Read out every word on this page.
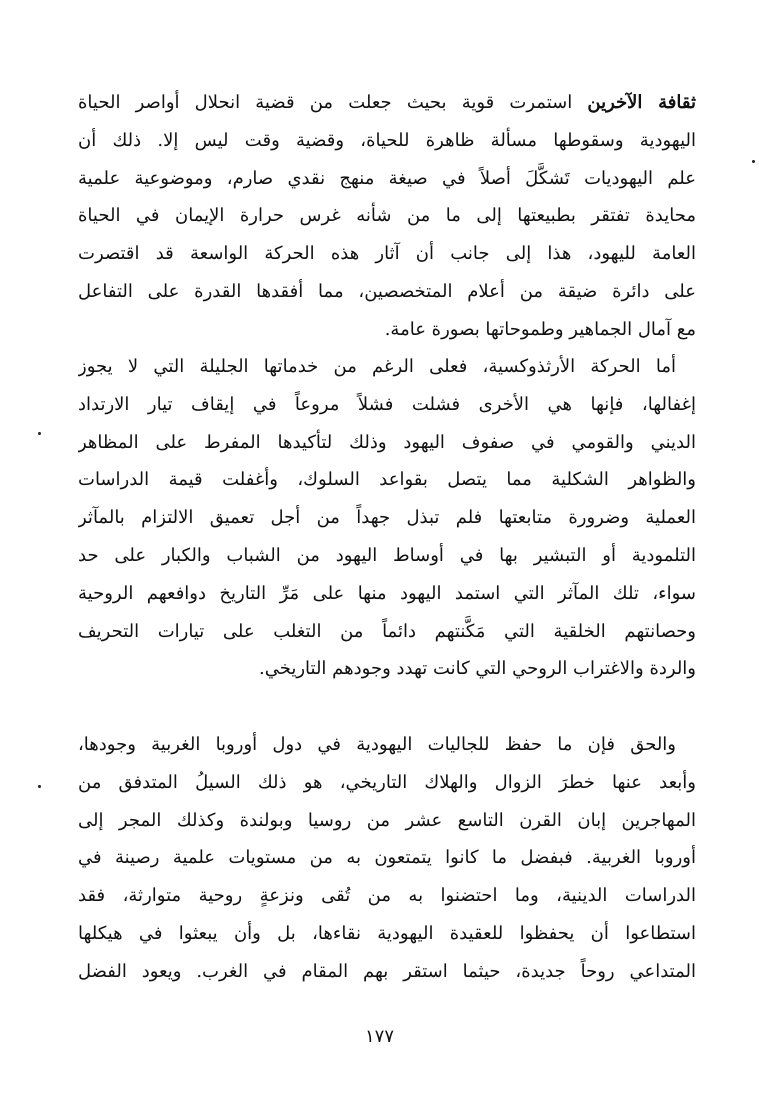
ثقافة الآخرين استمرت قوية بحيث جعلت من قضية انحلال أواصر الحياة
اليهودية وسقوطها مسألة ظاهرة للحياة، وقضية وقت ليس إلا. ذلك أن
علم اليهوديات تَشكَّلَ أصلاً في صيغة منهج نقدي صارم، وموضوعية علمية
محايدة تفتقر بطبيعتها إلى ما من شأنه غرس حرارة الإيمان في الحياة
العامة لليهود، هذا إلى جانب أن آثار هذه الحركة الواسعة قد اقتصرت
على دائرة ضيقة من أعلام المتخصصين، مما أفقدها القدرة على التفاعل
مع آمال الجماهير وطموحاتها بصورة عامة.
أما الحركة الأرثذوكسية، فعلى الرغم من خدماتها الجليلة التي لا يجوز
إغفالها، فإنها هي الأخرى فشلت فشلاً مروعاً في إيقاف تيار الارتداد
الديني والقومي في صفوف اليهود وذلك لتأكيدها المفرط على المظاهر
والظواهر الشكلية مما يتصل بقواعد السلوك، وأغفلت قيمة الدراسات
العملية وضرورة متابعتها فلم تبذل جهداً من أجل تعميق الالتزام بالمآثر
التلمودية أو التبشير بها في أوساط اليهود من الشباب والكبار على حد
سواء، تلك المآثر التي استمد اليهود منها على مَرِّ التاريخ دوافعهم الروحية
وحصانتهم الخلقية التي مَكَّنتهم دائماً من التغلب على تيارات التحريف
والردة والاغتراب الروحي التي كانت تهدد وجودهم التاريخي.
والحق فإن ما حفظ للجاليات اليهودية في دول أوروبا الغربية وجودها،
وأبعد عنها خطرَ الزوال والهلاك التاريخي، هو ذلك السيلُ المتدفق من
المهاجرين إبان القرن التاسع عشر من روسيا وبولندة وكذلك المجر إلى
أوروبا الغربية. فبفضل ما كانوا يتمتعون به من مستويات علمية رصينة في
الدراسات الدينية، وما احتضنوا به من تُقى ونزعةٍ روحية متوارثة، فقد
استطاعوا أن يحفظوا للعقيدة اليهودية نقاءها، بل وأن يبعثوا في هيكلها
المتداعي روحاً جديدة، حيثما استقر بهم المقام في الغرب. ويعود الفضل
١٧٧
